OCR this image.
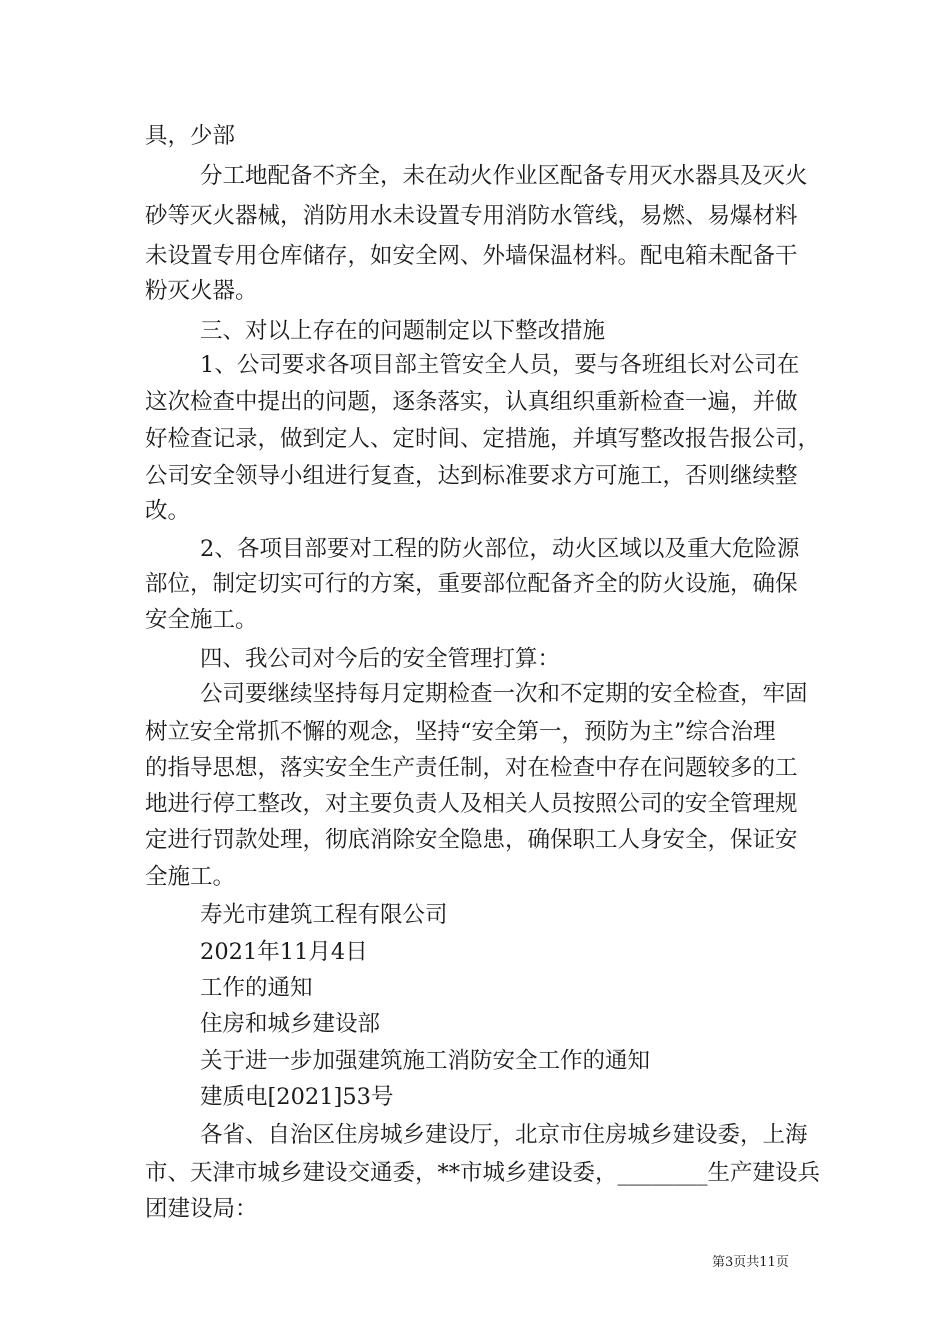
具，少部
分工地配备不齐全，未在动火作业区配备专用灭水器具及灭火
砂等灭火器械，消防用水未设置专用消防水管线，易燃、易爆材料
未设置专用仓库储存，如安全网、外墙保温材料。配电箱未配备干
粉灭火器。
三、对以上存在的问题制定以下整改措施
1、公司要求各项目部主管安全人员，要与各班组长对公司在
这次检查中提出的问题，逐条落实，认真组织重新检查一遍，并做
好检查记录，做到定人、定时间、定措施，并填写整改报告报公司，
公司安全领导小组进行复查，达到标准要求方可施工，否则继续整
改。
2、各项目部要对工程的防火部位，动火区域以及重大危险源
部位，制定切实可行的方案，重要部位配备齐全的防火设施，确保
安全施工。
四、我公司对今后的安全管理打算：
公司要继续坚持每月定期检查一次和不定期的安全检查，牢固
树立安全常抓不懈的观念，坚持“安全第一，预防为主”综合治理
的指导思想，落实安全生产责任制，对在检查中存在问题较多的工
地进行停工整改，对主要负责人及相关人员按照公司的安全管理规
定进行罚款处理，彻底消除安全隐患，确保职工人身安全，保证安
全施工。
寿光市建筑工程有限公司
2021年11月4日
工作的通知
住房和城乡建设部
关于进一步加强建筑施工消防安全工作的通知
建质电[2021]53号
各省、自治区住房城乡建设厅，北京市住房城乡建设委，上海
市、天津市城乡建设交通委，**市城乡建设委，________生产建设兵
团建设局：
第3页共11页
